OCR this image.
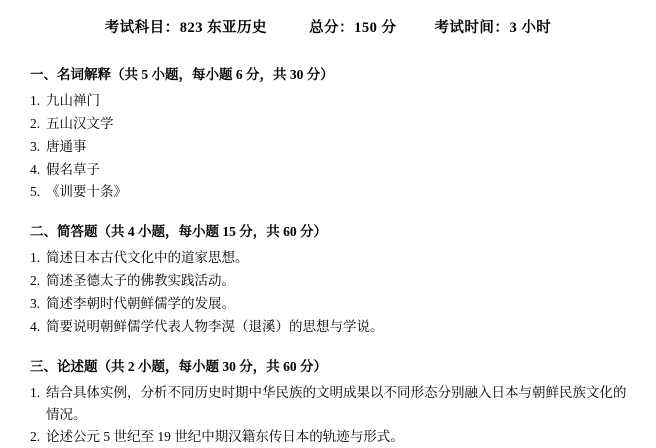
考试科目： 823 东亚历史	总分： 150 分	考试时间： 3 小时
一、名词解释（共 5 小题，每小题 6 分，共 30 分）
1. 九山禅门
2. 五山汉文学
3. 唐通事
4. 假名草子
5. 《训要十条》
二、简答题（共 4 小题，每小题 15 分，共 60 分）
1. 简述日本古代文化中的道家思想。
2. 简述圣德太子的佛教实践活动。
3. 简述李朝时代朝鲜儒学的发展。
4. 简要说明朝鲜儒学代表人物李滉（退溪）的思想与学说。
三、论述题（共 2 小题，每小题 30 分，共 60 分）
1. 结合具体实例，分析不同历史时期中华民族的文明成果以不同形态分别融入日本与朝鲜民族文化的情况。
2. 论述公元 5 世纪至 19 世纪中期汉籍东传日本的轨迹与形式。
